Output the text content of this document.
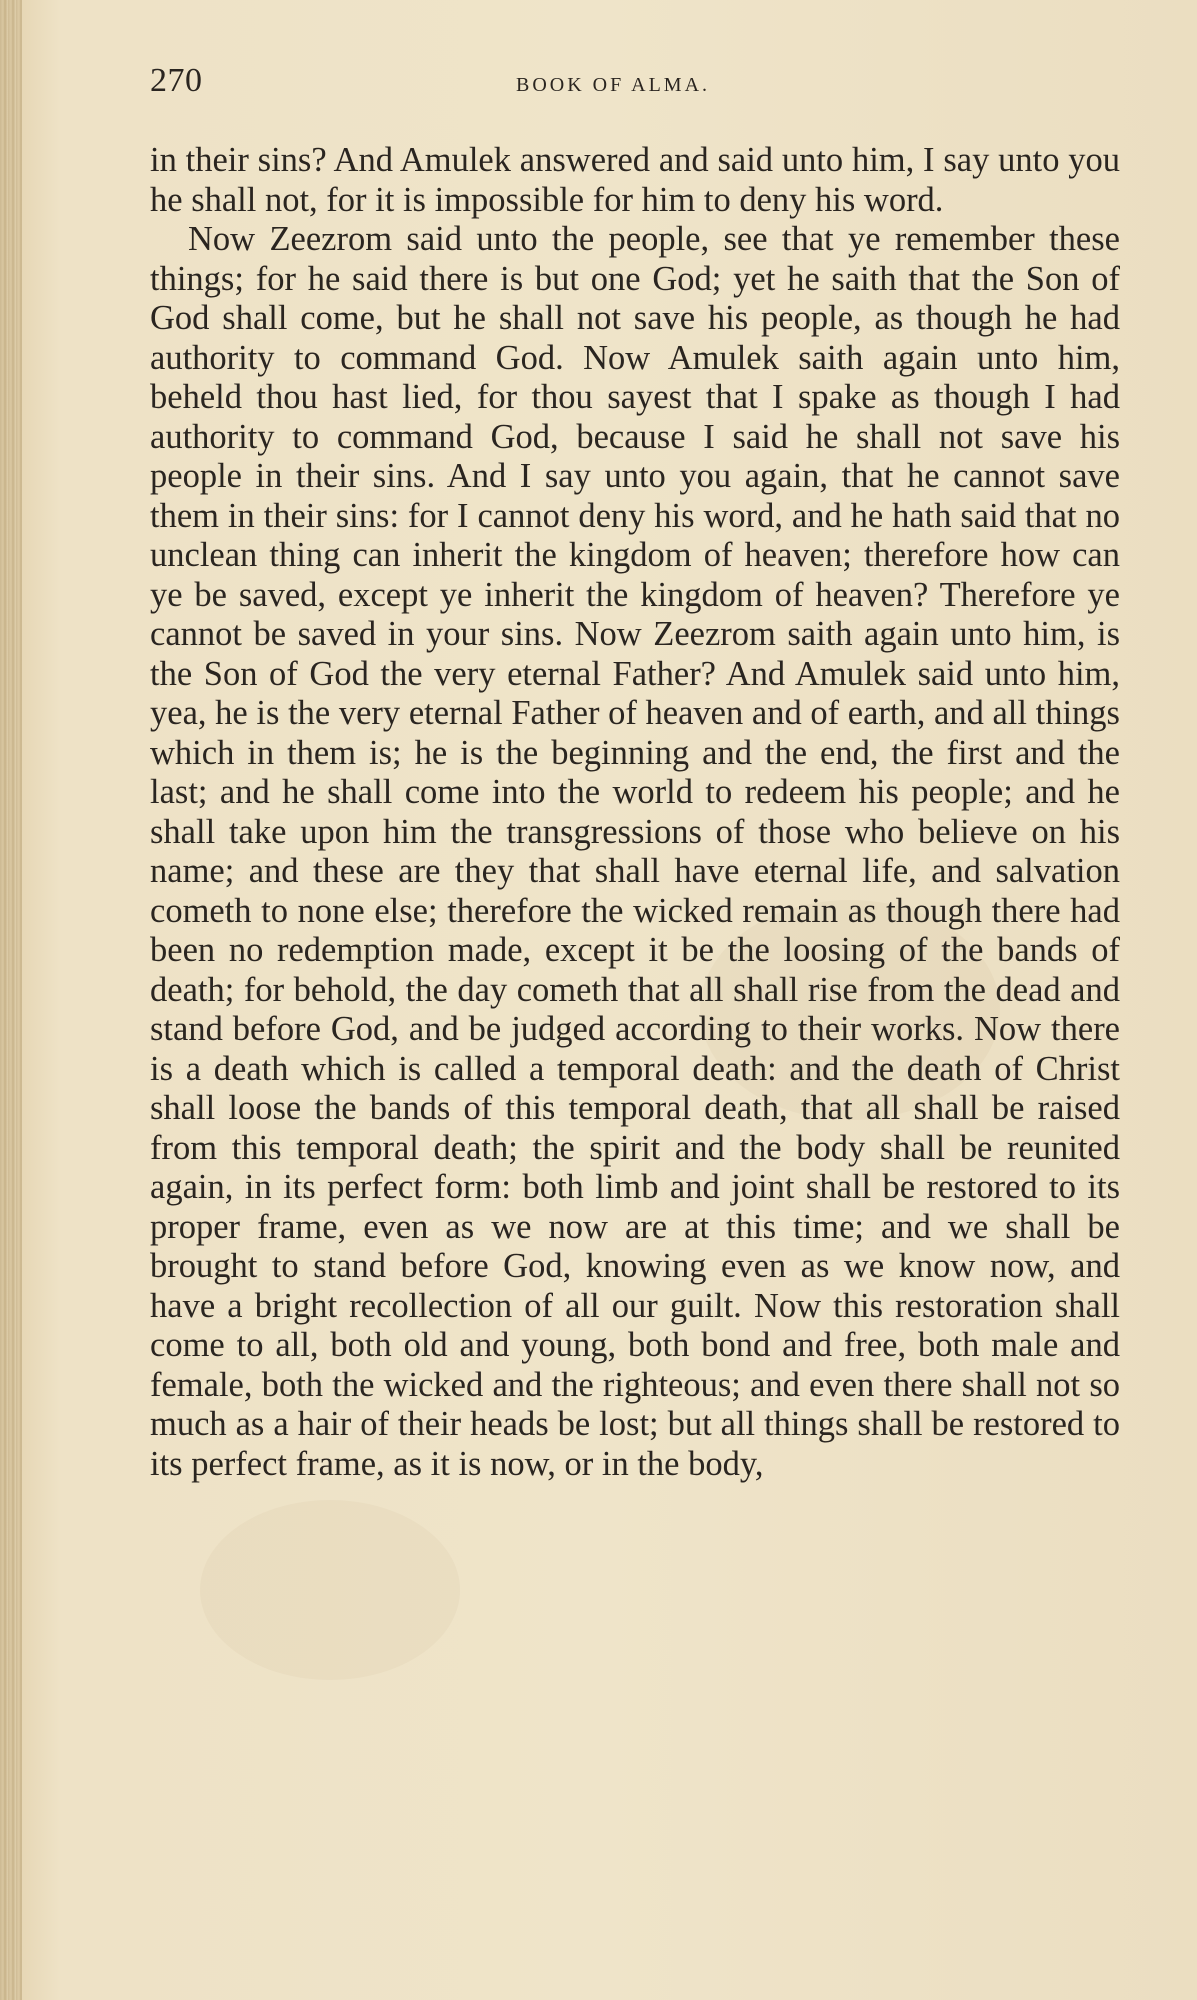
270	BOOK OF ALMA.

in their sins? And Amulek answered and said unto him, I say unto you he shall not, for it is impossible for him to deny his word.

Now Zeezrom said unto the people, see that ye remember these things; for he said there is but one God; yet he saith that the Son of God shall come, but he shall not save his people, as though he had authority to command God. Now Amulek saith again unto him, beheld thou hast lied, for thou sayest that I spake as though I had authority to command God, because I said he shall not save his people in their sins. And I say unto you again, that he cannot save them in their sins: for I cannot deny his word, and he hath said that no unclean thing can inherit the kingdom of heaven; therefore how can ye be saved, except ye inherit the kingdom of heaven? Therefore ye cannot be saved in your sins. Now Zeezrom saith again unto him, is the Son of God the very eternal Father? And Amulek said unto him, yea, he is the very eternal Father of heaven and of earth, and all things which in them is; he is the beginning and the end, the first and the last; and he shall come into the world to redeem his people; and he shall take upon him the transgressions of those who believe on his name; and these are they that shall have eternal life, and salvation cometh to none else; therefore the wicked remain as though there had been no redemption made, except it be the loosing of the bands of death; for behold, the day cometh that all shall rise from the dead and stand before God, and be judged according to their works. Now there is a death which is called a temporal death: and the death of Christ shall loose the bands of this temporal death, that all shall be raised from this temporal death; the spirit and the body shall be reunited again, in its perfect form: both limb and joint shall be restored to its proper frame, even as we now are at this time; and we shall be brought to stand before God, knowing even as we know now, and have a bright recollection of all our guilt. Now this restoration shall come to all, both old and young, both bond and free, both male and female, both the wicked and the righteous; and even there shall not so much as a hair of their heads be lost; but all things shall be restored to its perfect frame, as it is now, or in the body,
